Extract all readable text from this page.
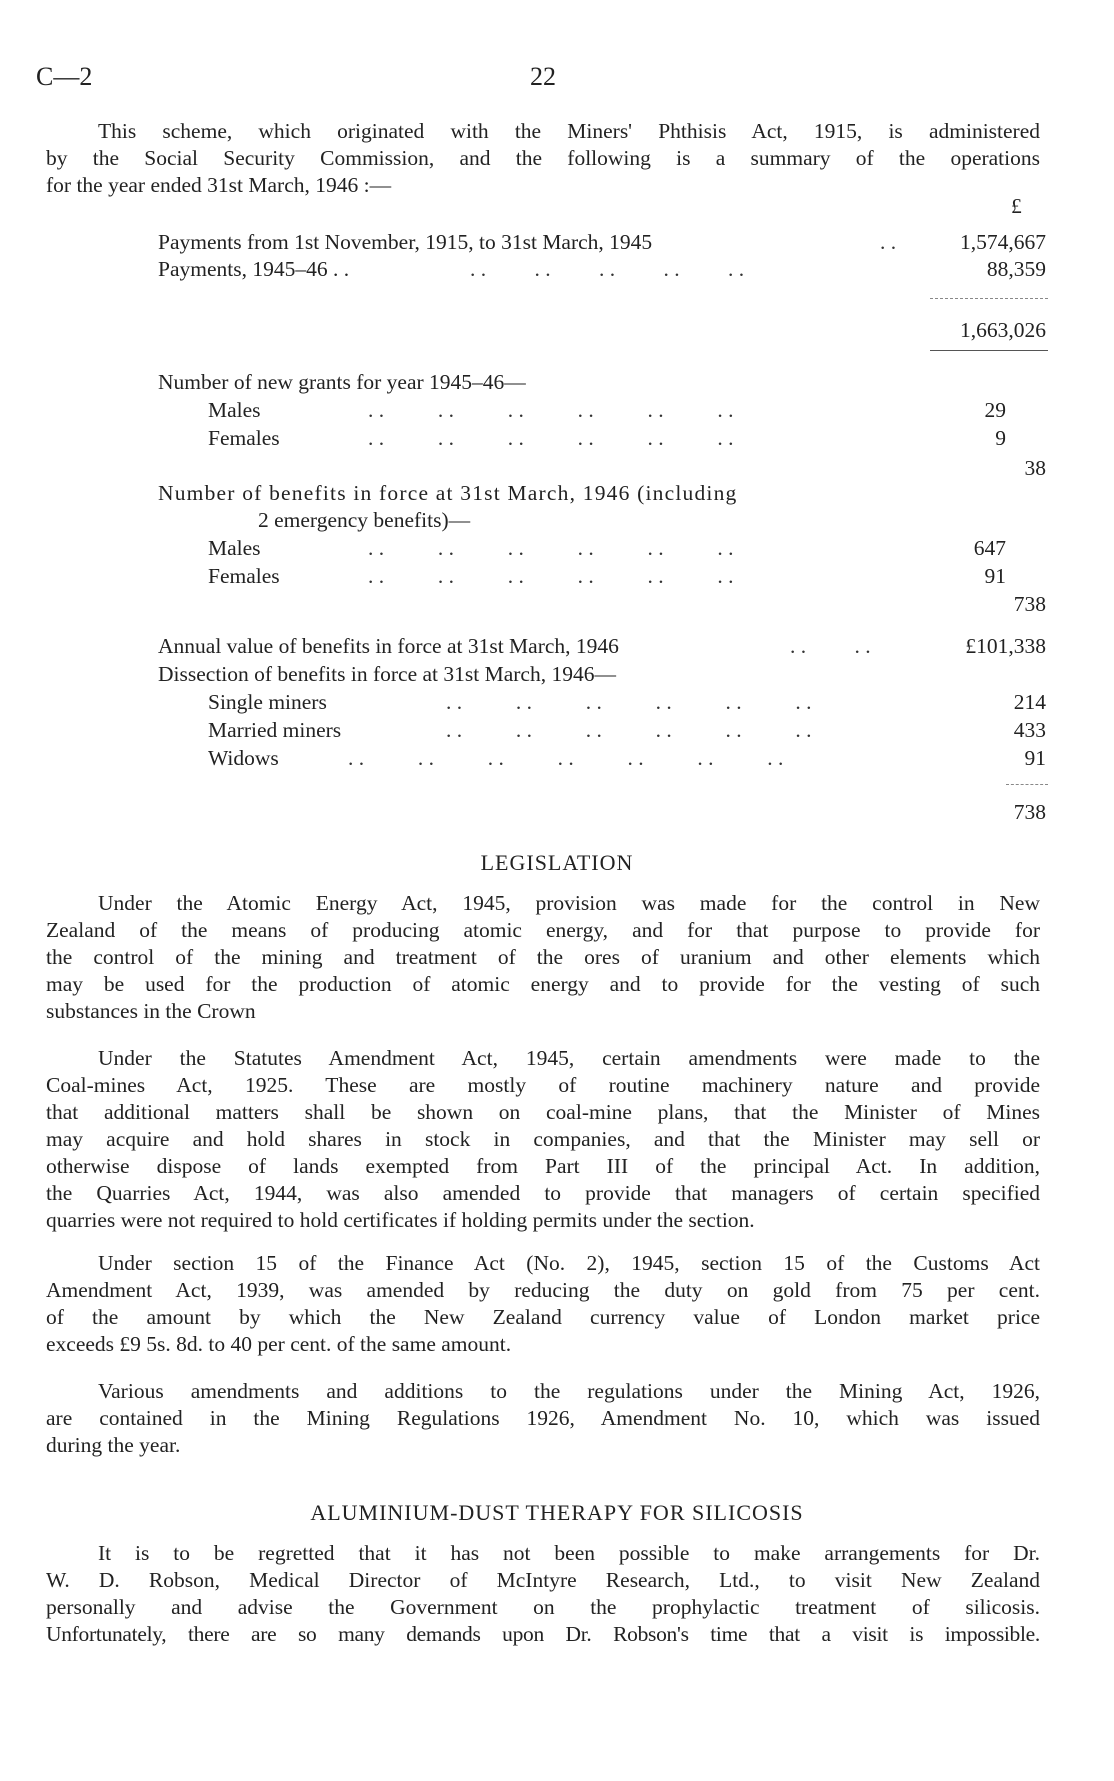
C—2	22
This scheme, which originated with the Miners' Phthisis Act, 1915, is administered
by the Social Security Commission, and the following is a summary of the operations
for the year ended 31st March, 1946 :—
£
Payments from 1st November, 1915, to 31st March, 1945	. .	1,574,667
Payments, 1945–46 . .	. .         . .         . .         . .         . .	88,359
1,663,026
Number of new grants for year 1945–46—
Males	. .          . .          . .          . .          . .          . .	29
Females	. .          . .          . .          . .          . .          . .	9
38
Number of benefits in force at 31st March, 1946 (including
2 emergency benefits)—
Males	. .          . .          . .          . .          . .          . .	647
Females	. .          . .          . .          . .          . .          . .	91
738
Annual value of benefits in force at 31st March, 1946	. .         . .	£101,338
Dissection of benefits in force at 31st March, 1946—
Single miners	. .          . .          . .          . .          . .          . .	214
Married miners	. .          . .          . .          . .          . .          . .	433
Widows	. .          . .          . .          . .          . .          . .          . .	91
738
LEGISLATION
Under the Atomic Energy Act, 1945, provision was made for the control in New
Zealand of the means of producing atomic energy, and for that purpose to provide for
the control of the mining and treatment of the ores of uranium and other elements which
may be used for the production of atomic energy and to provide for the vesting of such
substances in the Crown
Under the Statutes Amendment Act, 1945, certain amendments were made to the
Coal-mines Act, 1925. These are mostly of routine machinery nature and provide
that additional matters shall be shown on coal-mine plans, that the Minister of Mines
may acquire and hold shares in stock in companies, and that the Minister may sell or
otherwise dispose of lands exempted from Part III of the principal Act. In addition,
the Quarries Act, 1944, was also amended to provide that managers of certain specified
quarries were not required to hold certificates if holding permits under the section.
Under section 15 of the Finance Act (No. 2), 1945, section 15 of the Customs Act
Amendment Act, 1939, was amended by reducing the duty on gold from 75 per cent.
of the amount by which the New Zealand currency value of London market price
exceeds £9 5s. 8d. to 40 per cent. of the same amount.
Various amendments and additions to the regulations under the Mining Act, 1926,
are contained in the Mining Regulations 1926, Amendment No. 10, which was issued
during the year.
ALUMINIUM-DUST THERAPY FOR SILICOSIS
It is to be regretted that it has not been possible to make arrangements for Dr.
W. D. Robson, Medical Director of McIntyre Research, Ltd., to visit New Zealand
personally and advise the Government on the prophylactic treatment of silicosis.
Unfortunately, there are so many demands upon Dr. Robson's time that a visit is impossible.
